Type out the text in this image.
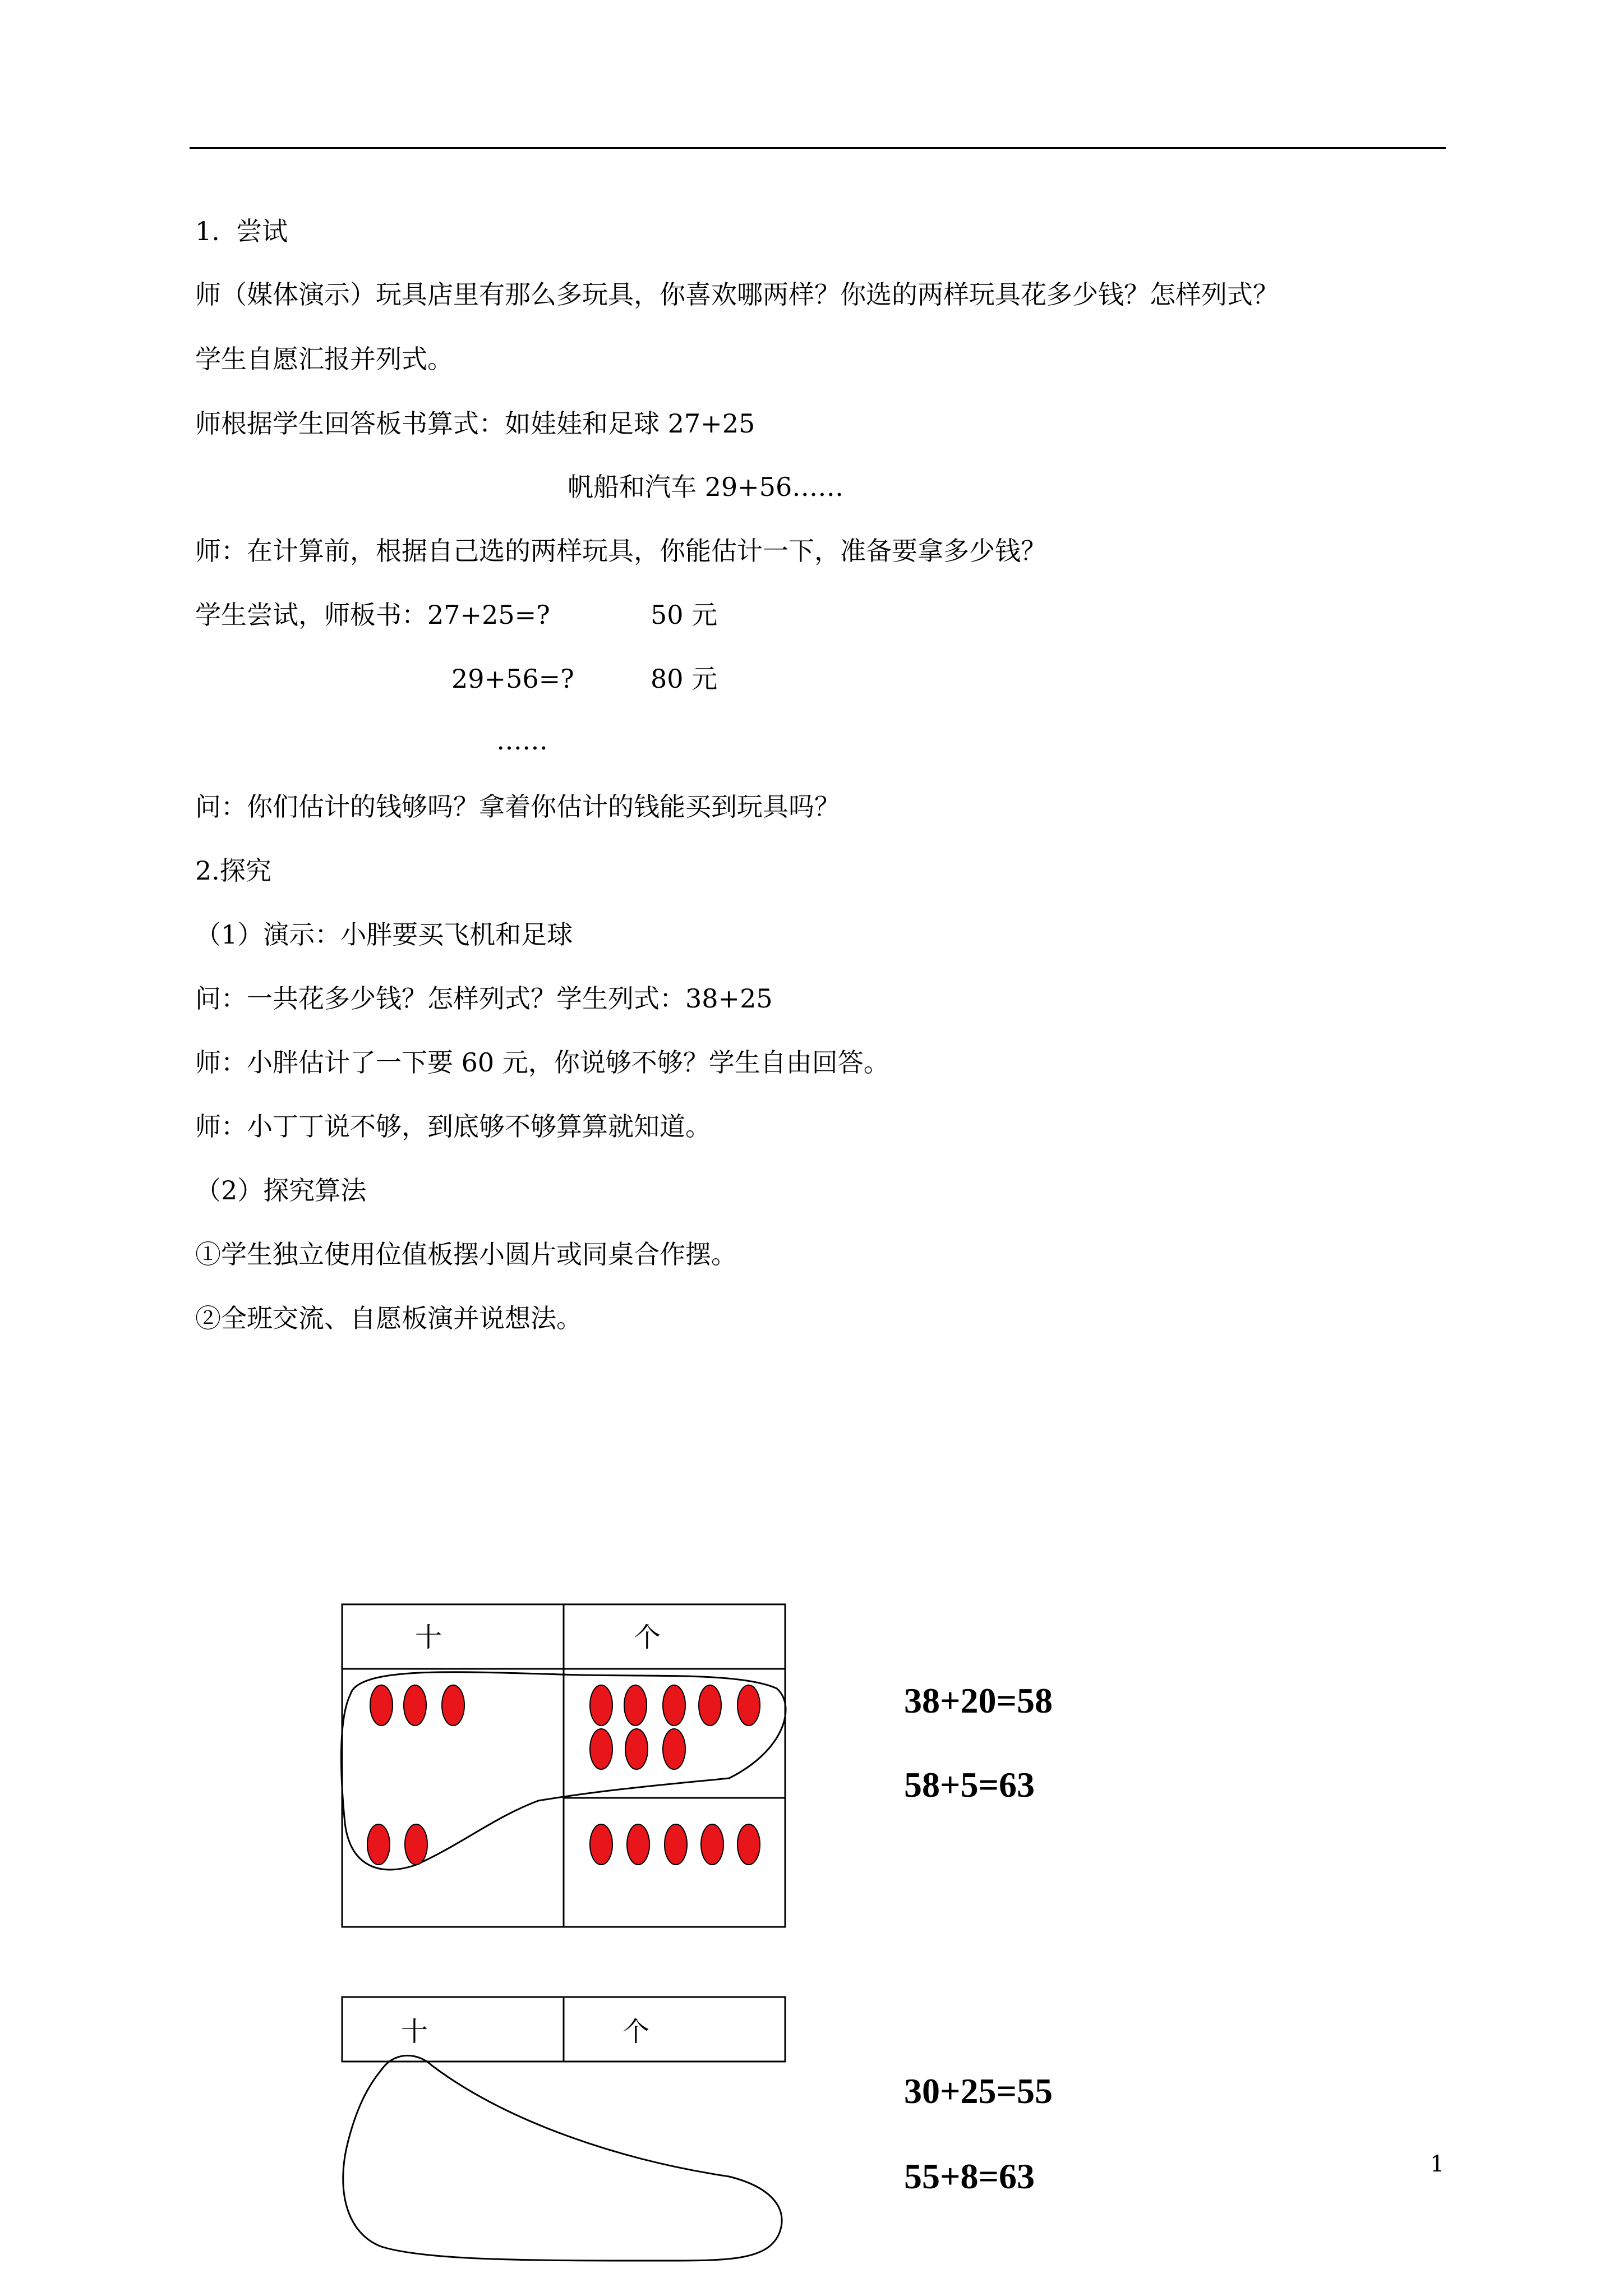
1.  尝试
师（媒体演示）玩具店里有那么多玩具，你喜欢哪两样？你选的两样玩具花多少钱？怎样列式？
学生自愿汇报并列式。
师根据学生回答板书算式：如娃娃和足球 27+25
帆船和汽车 29+56……
师：在计算前，根据自己选的两样玩具，你能估计一下，准备要拿多少钱？
学生尝试，师板书：27+25=?	50 元
29+56=?	80 元
……
问：你们估计的钱够吗？拿着你估计的钱能买到玩具吗？
2.探究
（1）演示：小胖要买飞机和足球
问：一共花多少钱？怎样列式？学生列式：38+25
师：小胖估计了一下要 60 元，你说够不够？学生自由回答。
师：小丁丁说不够，到底够不够算算就知道。
（2）探究算法
①学生独立使用位值板摆小圆片或同桌合作摆。
②全班交流、自愿板演并说想法。
十	个
十	个
38+20=58
58+5=63
30+25=55
55+8=63	1
